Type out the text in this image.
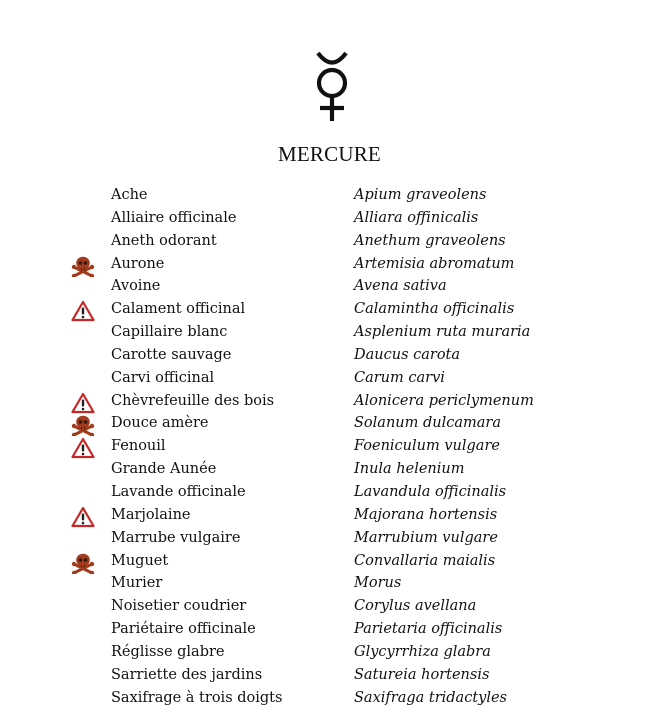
MERCURE
Ache	Apium graveolens
Alliaire officinale	Alliara offinicalis
Aneth odorant	Anethum graveolens
Aurone	Artemisia abromatum
Avoine	Avena sativa
Calament officinal	Calamintha officinalis
Capillaire blanc	Asplenium ruta muraria
Carotte sauvage	Daucus carota
Carvi officinal	Carum carvi
Chèvrefeuille des bois	Alonicera periclymenum
Douce amère	Solanum dulcamara
Fenouil	Foeniculum vulgare
Grande Aunée	Inula helenium
Lavande officinale	Lavandula officinalis
Marjolaine	Majorana hortensis
Marrube vulgaire	Marrubium vulgare
Muguet	Convallaria maialis
Murier	Morus
Noisetier coudrier	Corylus avellana
Pariétaire officinale	Parietaria officinalis
Réglisse glabre	Glycyrrhiza glabra
Sarriette des jardins	Satureia hortensis
Saxifrage à trois doigts	Saxifraga tridactyles
